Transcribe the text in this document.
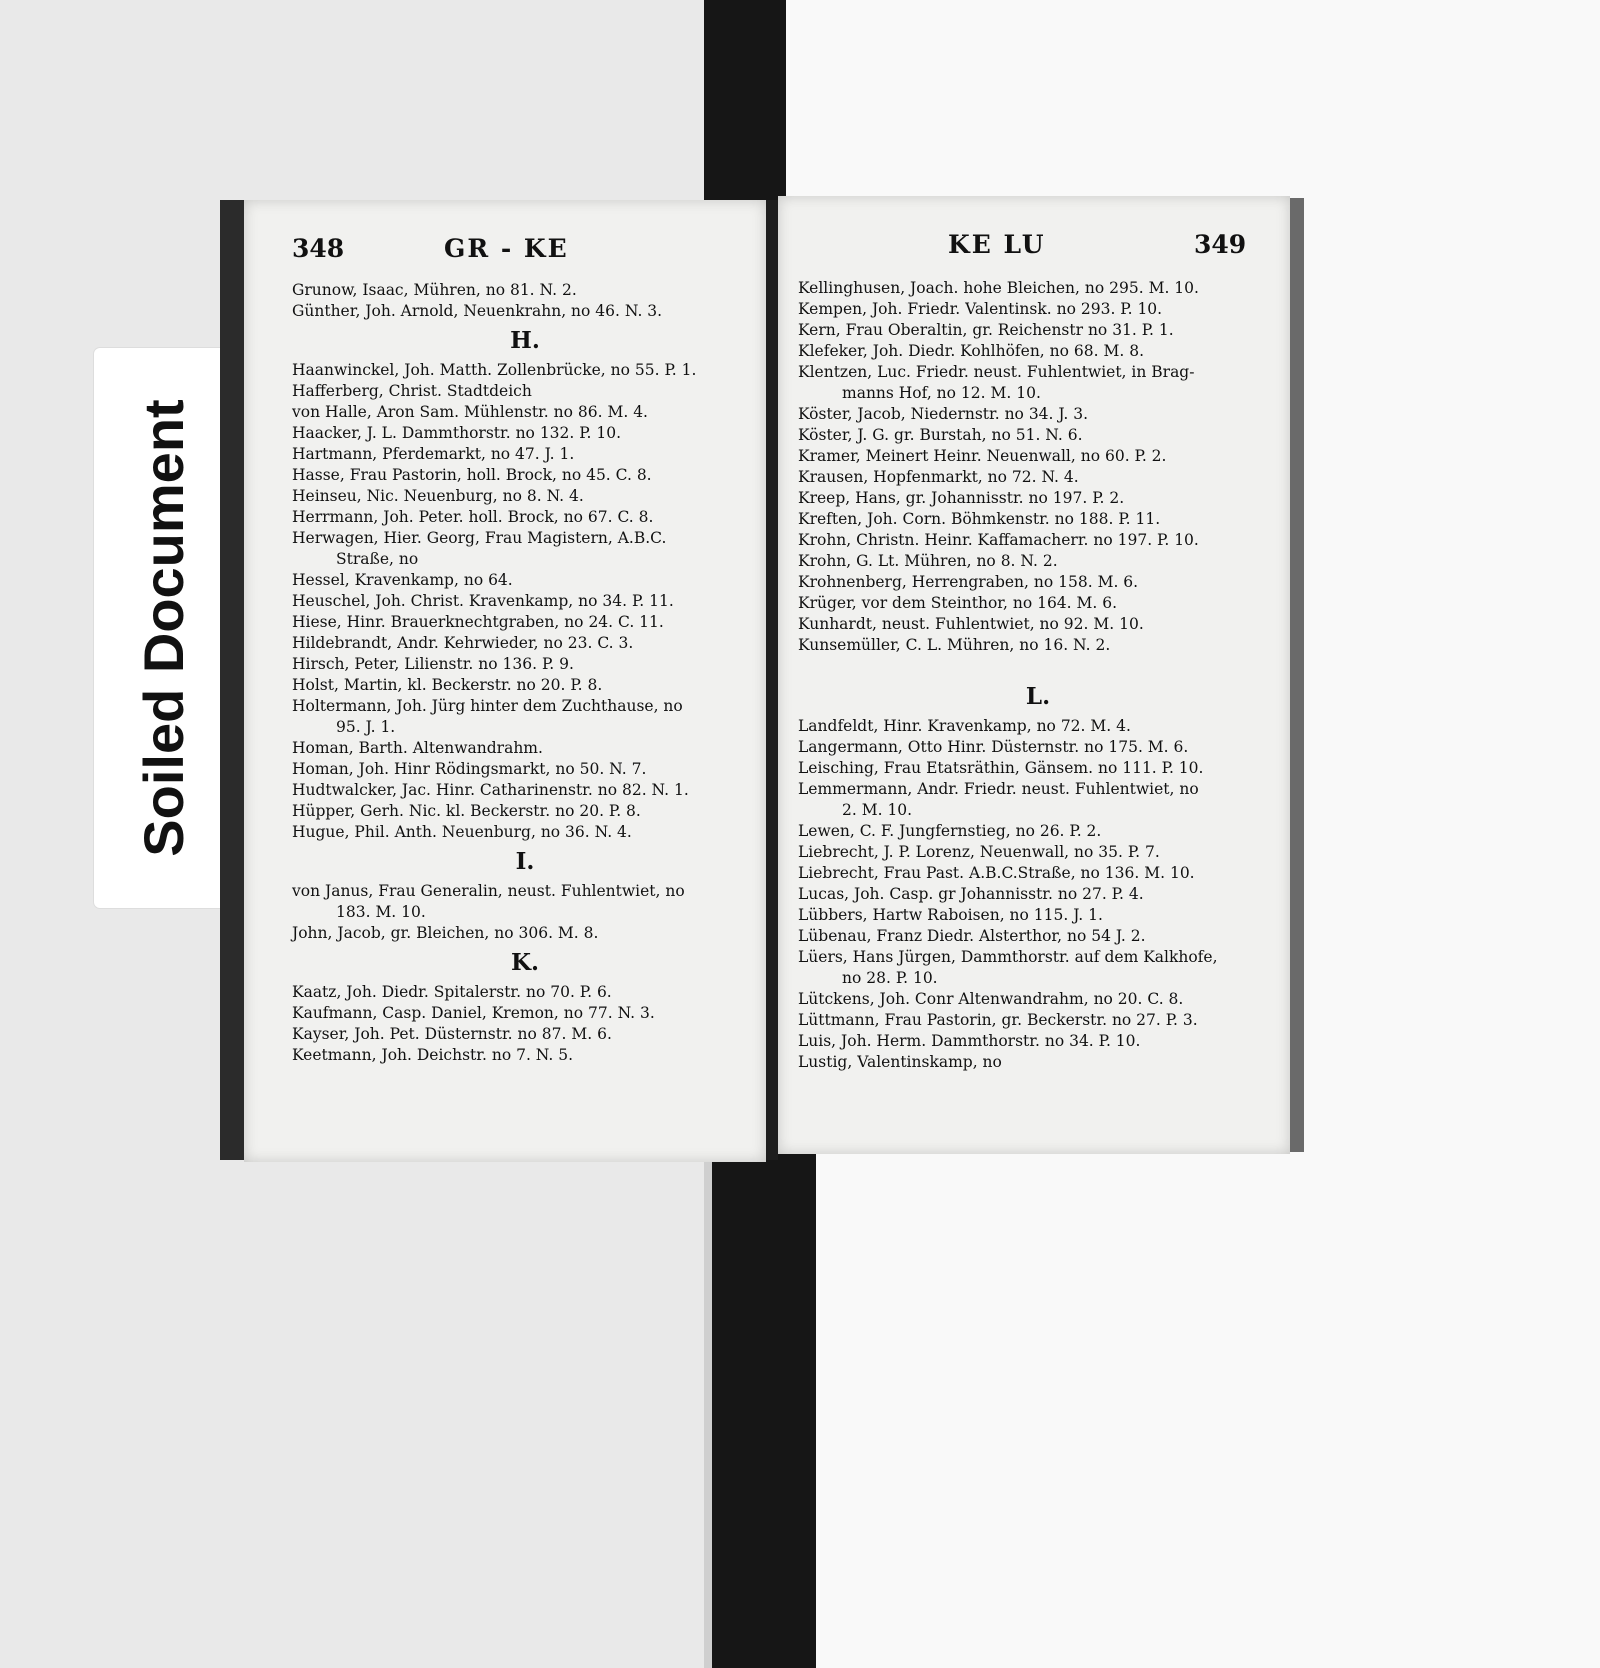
Soiled Document
348	GR - KE
Grunow, Isaac, Mühren, no 81. N. 2.
Günther, Joh. Arnold, Neuenkrahn, no 46. N. 3.
H.
Haanwinckel, Joh. Matth. Zollenbrücke, no 55. P. 1.
Hafferberg, Christ. Stadtdeich
von Halle, Aron Sam. Mühlenstr. no 86. M. 4.
Haacker, J. L. Dammthorstr. no 132. P. 10.
Hartmann, Pferdemarkt, no 47. J. 1.
Hasse, Frau Pastorin, holl. Brock, no 45. C. 8.
Heinseu, Nic. Neuenburg, no 8. N. 4.
Herrmann, Joh. Peter. holl. Brock, no 67. C. 8.
Herwagen, Hier. Georg, Frau Magistern, A.B.C.
Straße, no
Hessel, Kravenkamp, no 64.
Heuschel, Joh. Christ. Kravenkamp, no 34. P. 11.
Hiese, Hinr. Brauerknechtgraben, no 24. C. 11.
Hildebrandt, Andr. Kehrwieder, no 23. C. 3.
Hirsch, Peter, Lilienstr. no 136. P. 9.
Holst, Martin, kl. Beckerstr. no 20. P. 8.
Holtermann, Joh. Jürg hinter dem Zuchthause, no
95. J. 1.
Homan, Barth. Altenwandrahm.
Homan, Joh. Hinr Rödingsmarkt, no 50. N. 7.
Hudtwalcker, Jac. Hinr. Catharinenstr. no 82. N. 1.
Hüpper, Gerh. Nic. kl. Beckerstr. no 20. P. 8.
Hugue, Phil. Anth. Neuenburg, no 36. N. 4.
I.
von Janus, Frau Generalin, neust. Fuhlentwiet, no
183. M. 10.
John, Jacob, gr. Bleichen, no 306. M. 8.
K.
Kaatz, Joh. Diedr. Spitalerstr. no 70. P. 6.
Kaufmann, Casp. Daniel, Kremon, no 77. N. 3.
Kayser, Joh. Pet. Düsternstr. no 87. M. 6.
Keetmann, Joh. Deichstr. no 7. N. 5.
KE LU	349
Kellinghusen, Joach. hohe Bleichen, no 295. M. 10.
Kempen, Joh. Friedr. Valentinsk. no 293. P. 10.
Kern, Frau Oberaltin, gr. Reichenstr no 31. P. 1.
Klefeker, Joh. Diedr. Kohlhöfen, no 68. M. 8.
Klentzen, Luc. Friedr. neust. Fuhlentwiet, in Brag-
manns Hof, no 12. M. 10.
Köster, Jacob, Niedernstr. no 34. J. 3.
Köster, J. G. gr. Burstah, no 51. N. 6.
Kramer, Meinert Heinr. Neuenwall, no 60. P. 2.
Krausen, Hopfenmarkt, no 72. N. 4.
Kreep, Hans, gr. Johannisstr. no 197. P. 2.
Kreften, Joh. Corn. Böhmkenstr. no 188. P. 11.
Krohn, Christn. Heinr. Kaffamacherr. no 197. P. 10.
Krohn, G. Lt. Mühren, no 8. N. 2.
Krohnenberg, Herrengraben, no 158. M. 6.
Krüger, vor dem Steinthor, no 164. M. 6.
Kunhardt, neust. Fuhlentwiet, no 92. M. 10.
Kunsemüller, C. L. Mühren, no 16. N. 2.
L.
Landfeldt, Hinr. Kravenkamp, no 72. M. 4.
Langermann, Otto Hinr. Düsternstr. no 175. M. 6.
Leisching, Frau Etatsräthin, Gänsem. no 111. P. 10.
Lemmermann, Andr. Friedr. neust. Fuhlentwiet, no
2. M. 10.
Lewen, C. F. Jungfernstieg, no 26. P. 2.
Liebrecht, J. P. Lorenz, Neuenwall, no 35. P. 7.
Liebrecht, Frau Past. A.B.C.Straße, no 136. M. 10.
Lucas, Joh. Casp. gr Johannisstr. no 27. P. 4.
Lübbers, Hartw Raboisen, no 115. J. 1.
Lübenau, Franz Diedr. Alsterthor, no 54 J. 2.
Lüers, Hans Jürgen, Dammthorstr. auf dem Kalkhofe,
no 28. P. 10.
Lütckens, Joh. Conr Altenwandrahm, no 20. C. 8.
Lüttmann, Frau Pastorin, gr. Beckerstr. no 27. P. 3.
Luis, Joh. Herm. Dammthorstr. no 34. P. 10.
Lustig, Valentinskamp, no
